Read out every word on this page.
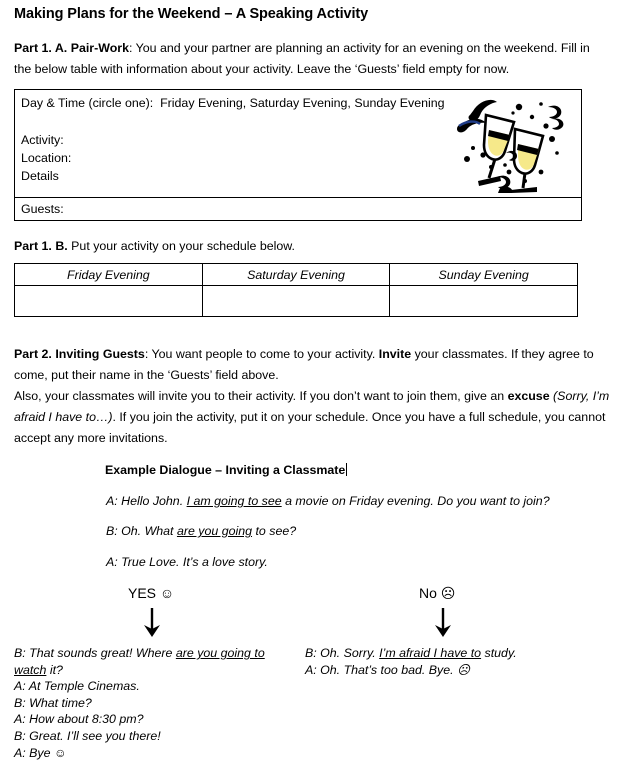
Making Plans for the Weekend – A Speaking Activity
Part 1. A. Pair-Work: You and your partner are planning an activity for an evening on the weekend. Fill in the below table with information about your activity. Leave the ‘Guests’ field empty for now.
Day & Time (circle one): Friday Evening, Saturday Evening, Sunday Evening
Activity:
Location:
Details
Guests:
Part 1. B. Put your activity on your schedule below.
Friday Evening	Saturday Evening	Sunday Evening

Part 2. Inviting Guests: You want people to come to your activity. Invite your classmates. If they agree to come, put their name in the ‘Guests’ field above.
Also, your classmates will invite you to their activity. If you don’t want to join them, give an excuse (Sorry, I’m afraid I have to…). If you join the activity, put it on your schedule. Once you have a full schedule, you cannot accept any more invitations.
Example Dialogue – Inviting a Classmate
A: Hello John. I am going to see a movie on Friday evening. Do you want to join?
B: Oh. What are you going to see?
A: True Love. It’s a love story.
YES ☺	No ☹
B: That sounds great! Where are you going to watch it?
A: At Temple Cinemas.
B: What time?
A: How about 8:30 pm?
B: Great. I’ll see you there!
A: Bye ☺
B: Oh. Sorry. I’m afraid I have to study.
A: Oh. That’s too bad. Bye. ☹
